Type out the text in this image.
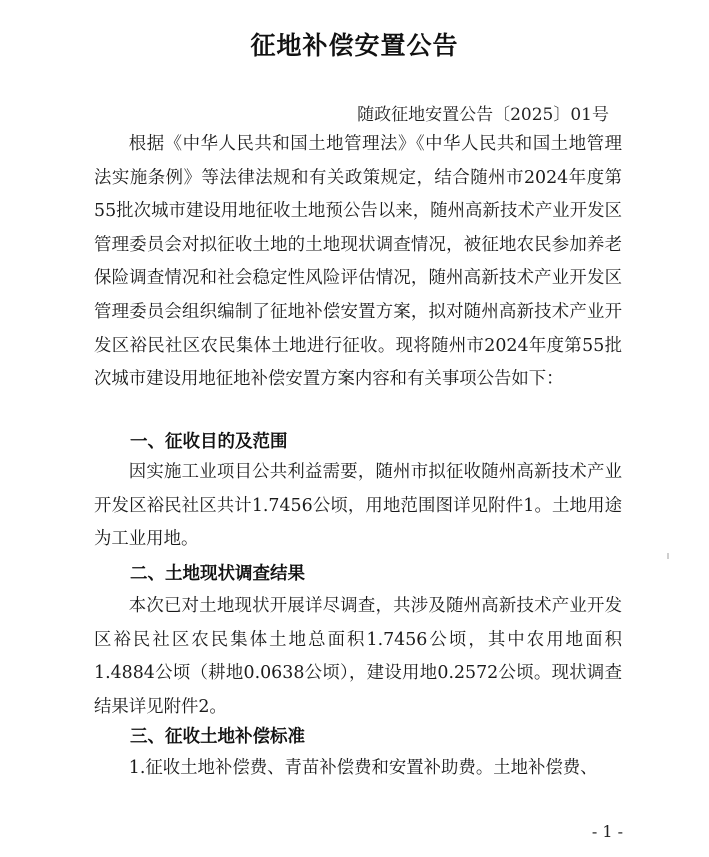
征地补偿安置公告
随政征地安置公告〔2025〕01号
根据《中华人民共和国土地管理法》《中华人民共和国土地管理法实施条例》等法律法规和有关政策规定，结合随州市2024年度第55批次城市建设用地征收土地预公告以来，随州高新技术产业开发区管理委员会对拟征收土地的土地现状调查情况，被征地农民参加养老保险调查情况和社会稳定性风险评估情况，随州高新技术产业开发区管理委员会组织编制了征地补偿安置方案，拟对随州高新技术产业开发区裕民社区农民集体土地进行征收。现将随州市2024年度第55批次城市建设用地征地补偿安置方案内容和有关事项公告如下：
一、征收目的及范围
因实施工业项目公共利益需要，随州市拟征收随州高新技术产业开发区裕民社区共计1.7456公顷，用地范围图详见附件1。土地用途为工业用地。
二、土地现状调查结果
本次已对土地现状开展详尽调查，共涉及随州高新技术产业开发区裕民社区农民集体土地总面积1.7456公顷，其中农用地面积1.4884公顷（耕地0.0638公顷），建设用地0.2572公顷。现状调查结果详见附件2。
三、征收土地补偿标准
1.征收土地补偿费、青苗补偿费和安置补助费。土地补偿费、
- 1 -
